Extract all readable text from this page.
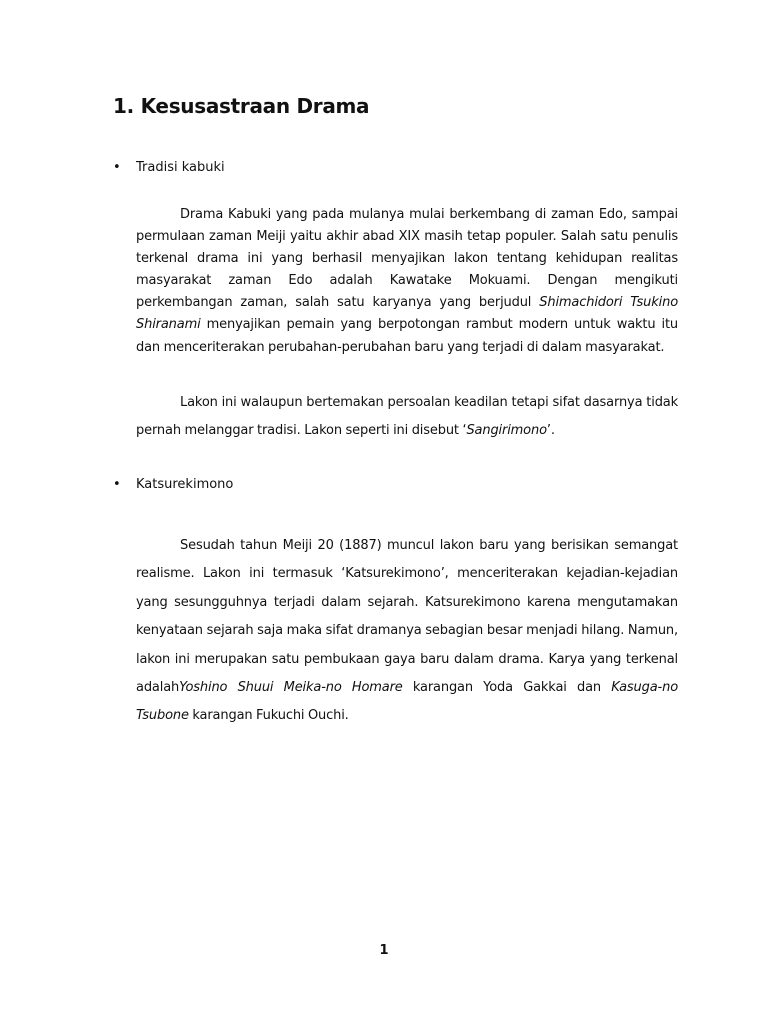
1. Kesusastraan Drama
•	Tradisi kabuki

Drama Kabuki yang pada mulanya mulai berkembang di zaman Edo, sampai permulaan zaman Meiji yaitu akhir abad XIX masih tetap populer. Salah satu penulis terkenal drama ini yang berhasil menyajikan lakon tentang kehidupan realitas masyarakat zaman Edo adalah Kawatake Mokuami. Dengan mengikuti perkembangan zaman, salah satu karyanya yang berjudul Shimachidori Tsukino Shiranami menyajikan pemain yang berpotongan rambut modern untuk waktu itu dan menceriterakan perubahan-perubahan baru yang terjadi di dalam masyarakat.

Lakon ini walaupun bertemakan persoalan keadilan tetapi sifat dasarnya tidak pernah melanggar tradisi. Lakon seperti ini disebut ‘Sangirimono’.

•	Katsurekimono

Sesudah tahun Meiji 20 (1887) muncul lakon baru yang berisikan semangat realisme. Lakon ini termasuk ‘Katsurekimono’, menceriterakan kejadian-kejadian yang sesungguhnya terjadi dalam sejarah. Katsurekimono karena mengutamakan kenyataan sejarah saja maka sifat dramanya sebagian besar menjadi hilang. Namun, lakon ini merupakan satu pembukaan gaya baru dalam drama. Karya yang terkenal adalahYoshino Shuui Meika-no Homare karangan Yoda Gakkai dan Kasuga-no Tsubone karangan Fukuchi Ouchi.

1
